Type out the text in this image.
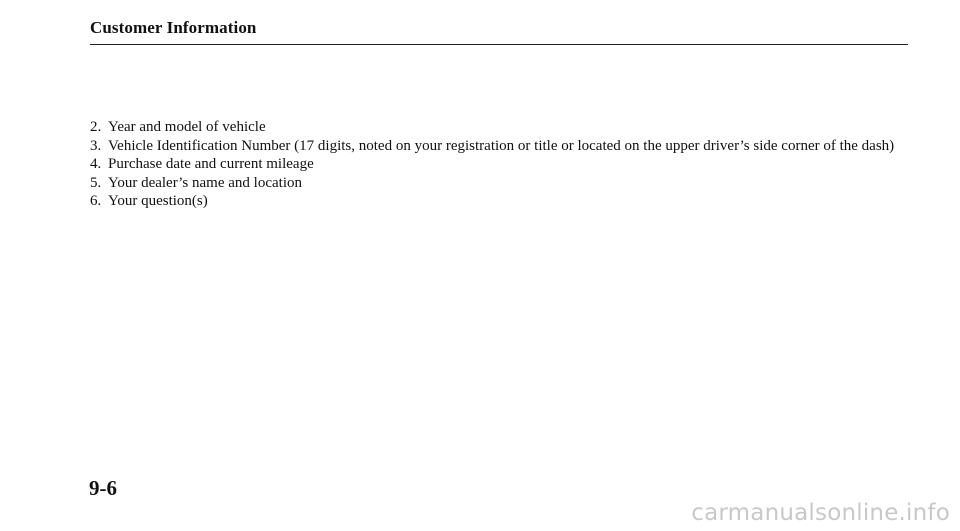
Customer Information
2. Year and model of vehicle
3. Vehicle Identification Number (17 digits, noted on your registration or title or located on the upper driver’s side corner of the dash)
4. Purchase date and current mileage
5. Your dealer’s name and location
6. Your question(s)
9-6
carmanualsonline.info
